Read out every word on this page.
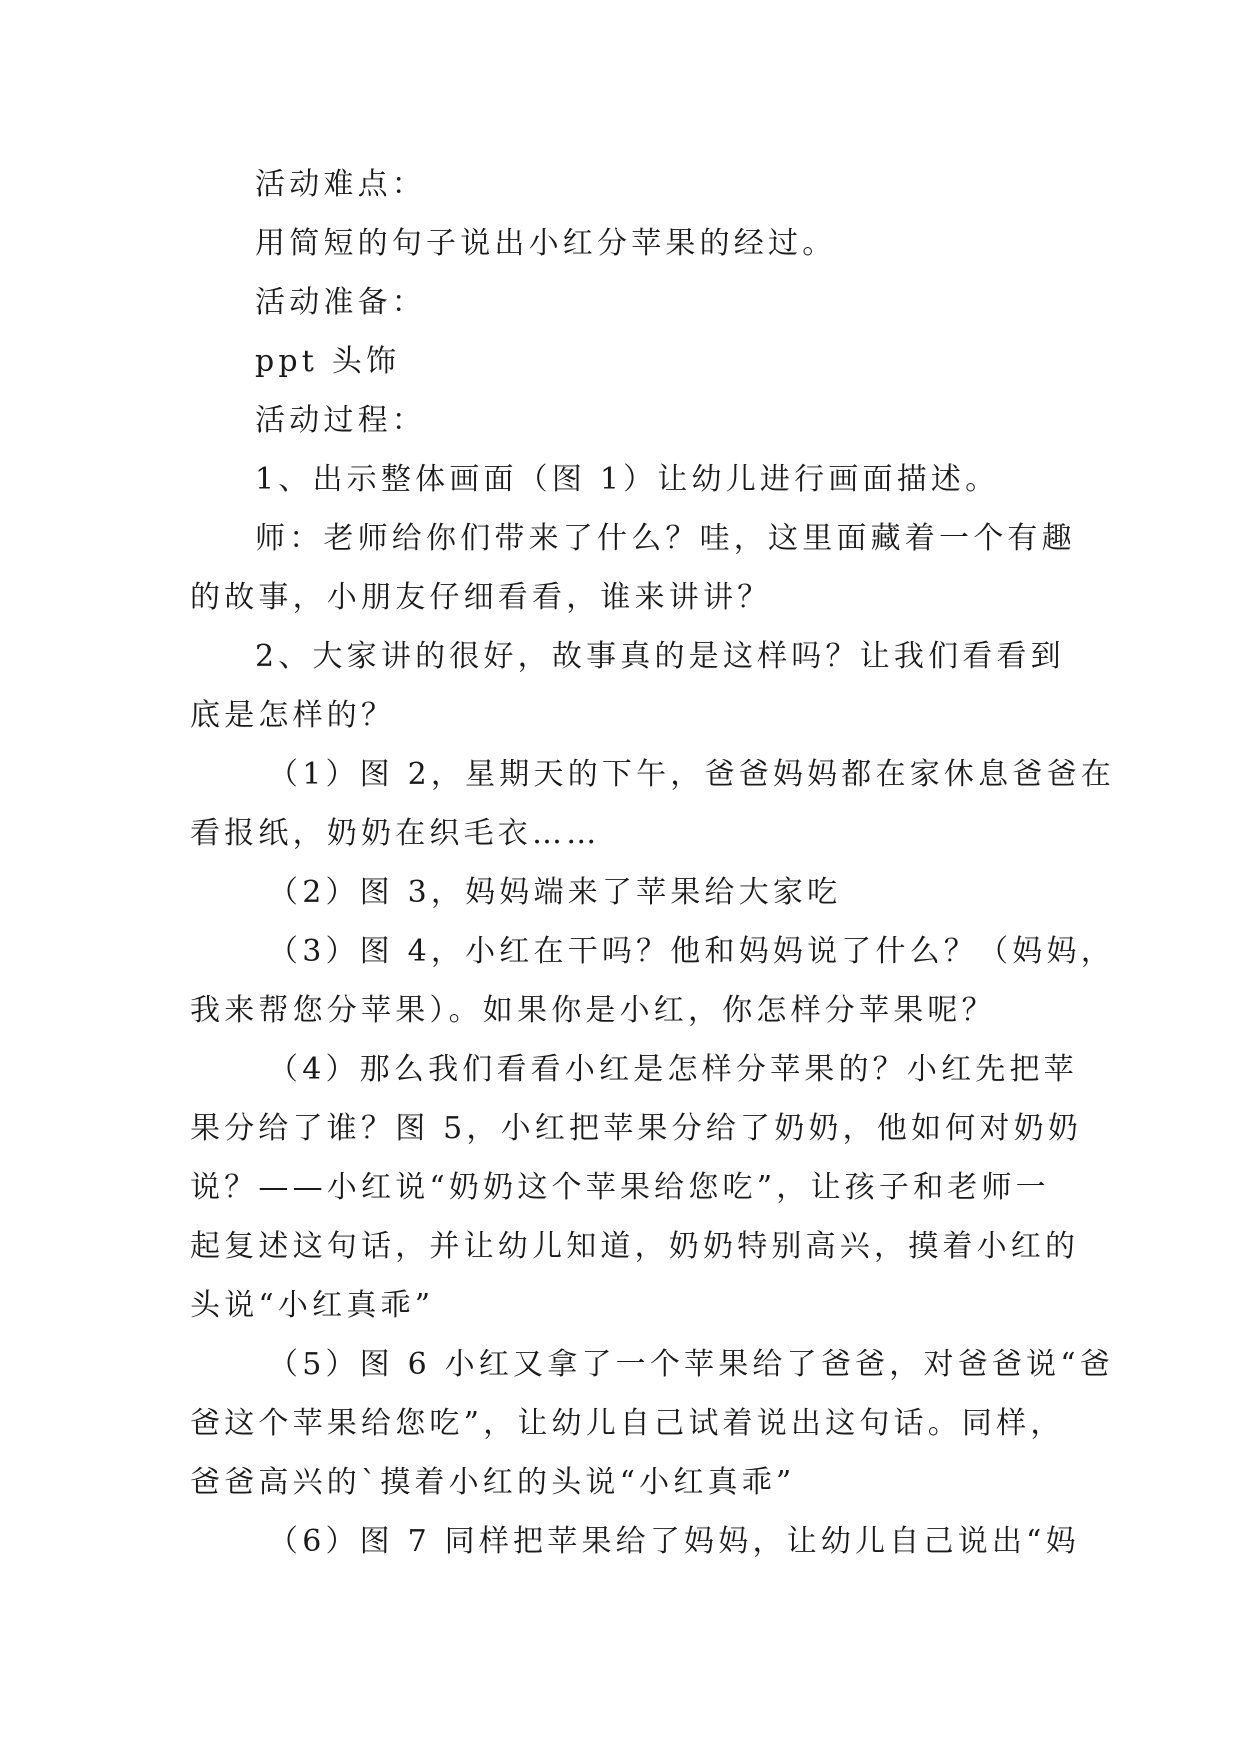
活动难点：

用简短的句子说出小红分苹果的经过。

活动准备：

ppt 头饰

活动过程：

1、出示整体画面（图 1）让幼儿进行画面描述。

师：老师给你们带来了什么？哇，这里面藏着一个有趣

的故事，小朋友仔细看看，谁来讲讲？

2、大家讲的很好，故事真的是这样吗？让我们看看到

底是怎样的？

（1）图 2，星期天的下午，爸爸妈妈都在家休息爸爸在

看报纸，奶奶在织毛衣……

（2）图 3，妈妈端来了苹果给大家吃

（3）图 4，小红在干吗？他和妈妈说了什么？（妈妈，

我来帮您分苹果）。如果你是小红，你怎样分苹果呢？

（4）那么我们看看小红是怎样分苹果的？小红先把苹

果分给了谁？图 5，小红把苹果分给了奶奶，他如何对奶奶

说？——小红说“奶奶这个苹果给您吃”，让孩子和老师一

起复述这句话，并让幼儿知道，奶奶特别高兴，摸着小红的

头说“小红真乖”

（5）图 6 小红又拿了一个苹果给了爸爸，对爸爸说“爸

爸这个苹果给您吃”，让幼儿自己试着说出这句话。同样，

爸爸高兴的`摸着小红的头说“小红真乖”

（6）图 7 同样把苹果给了妈妈，让幼儿自己说出“妈
